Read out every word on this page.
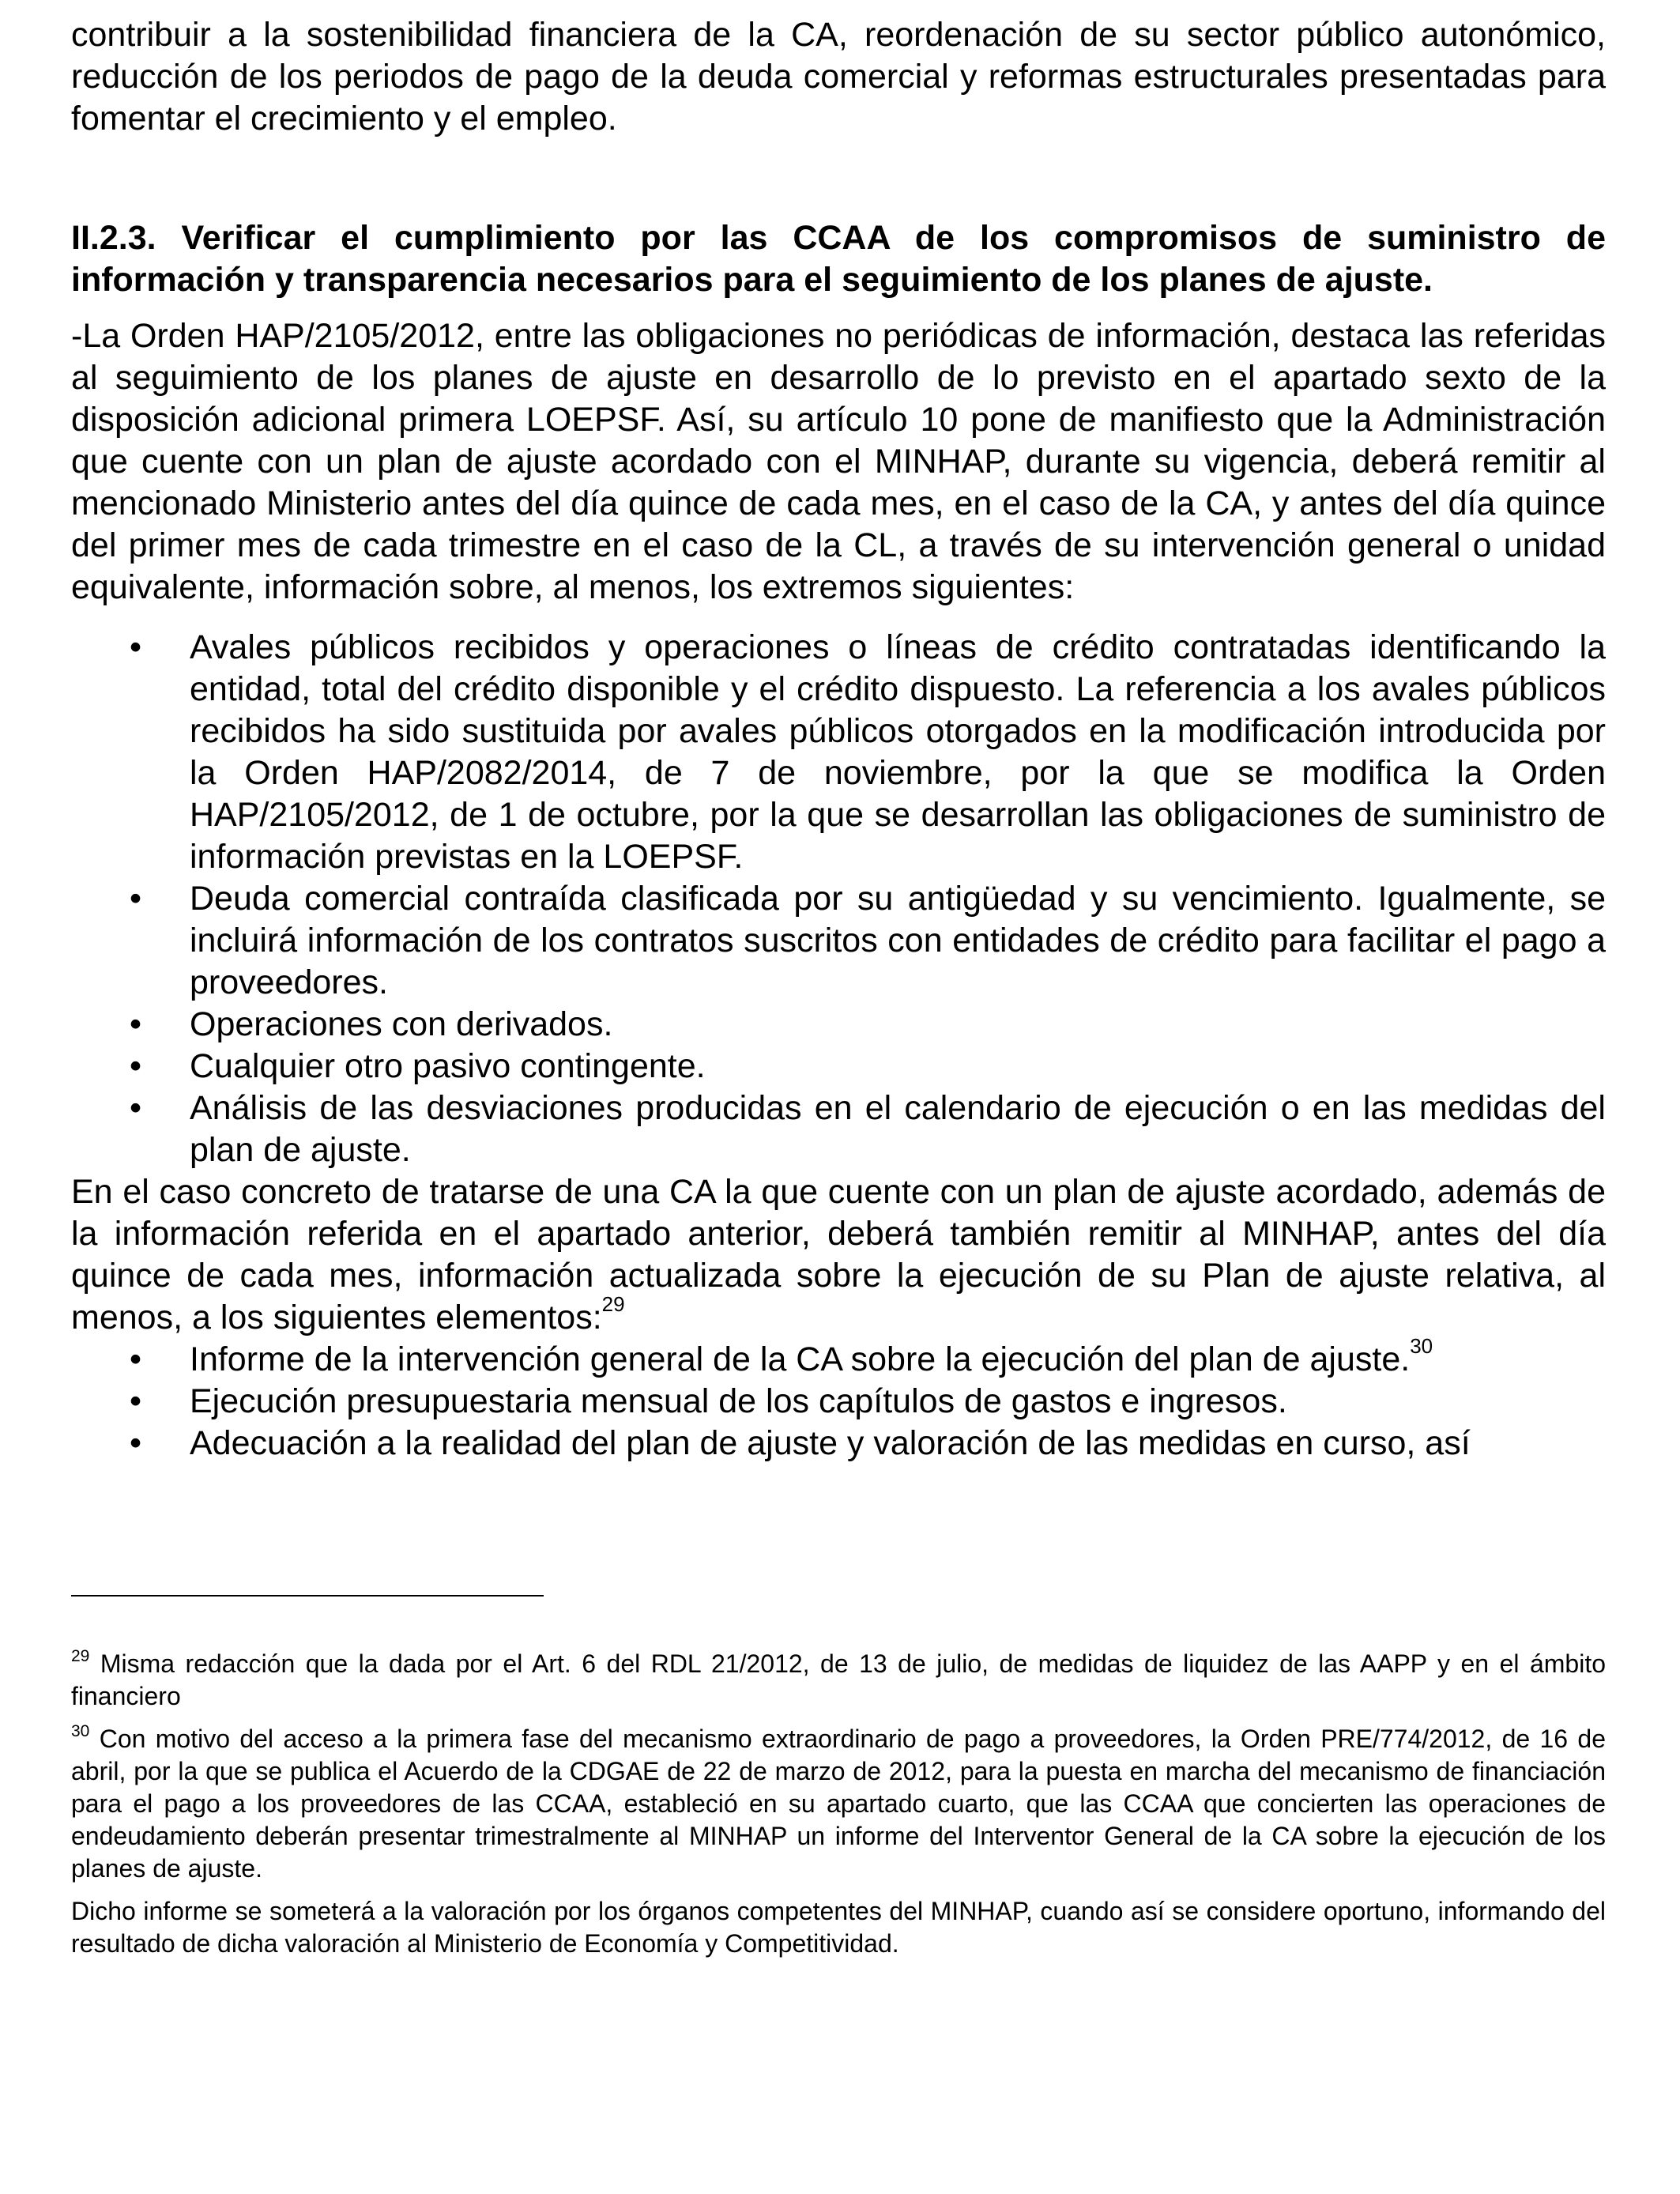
contribuir a la sostenibilidad financiera de la CA, reordenación de su sector público autonómico, reducción de los periodos de pago de la deuda comercial y reformas estructurales presentadas para fomentar el crecimiento y el empleo.

II.2.3. Verificar el cumplimiento por las CCAA de los compromisos de suministro de información y transparencia necesarios para el seguimiento de los planes de ajuste.

-La Orden HAP/2105/2012, entre las obligaciones no periódicas de información, destaca las referidas al seguimiento de los planes de ajuste en desarrollo de lo previsto en el apartado sexto de la disposición adicional primera LOEPSF. Así, su artículo 10 pone de manifiesto que la Administración que cuente con un plan de ajuste acordado con el MINHAP, durante su vigencia, deberá remitir al mencionado Ministerio antes del día quince de cada mes, en el caso de la CA, y antes del día quince del primer mes de cada trimestre en el caso de la CL, a través de su intervención general o unidad equivalente, información sobre, al menos, los extremos siguientes:

• Avales públicos recibidos y operaciones o líneas de crédito contratadas identificando la entidad, total del crédito disponible y el crédito dispuesto. La referencia a los avales públicos recibidos ha sido sustituida por avales públicos otorgados en la modificación introducida por la Orden HAP/2082/2014, de 7 de noviembre, por la que se modifica la Orden HAP/2105/2012, de 1 de octubre, por la que se desarrollan las obligaciones de suministro de información previstas en la LOEPSF.
• Deuda comercial contraída clasificada por su antigüedad y su vencimiento. Igualmente, se incluirá información de los contratos suscritos con entidades de crédito para facilitar el pago a proveedores.
• Operaciones con derivados.
• Cualquier otro pasivo contingente.
• Análisis de las desviaciones producidas en el calendario de ejecución o en las medidas del plan de ajuste.

En el caso concreto de tratarse de una CA la que cuente con un plan de ajuste acordado, además de la información referida en el apartado anterior, deberá también remitir al MINHAP, antes del día quince de cada mes, información actualizada sobre la ejecución de su Plan de ajuste relativa, al menos, a los siguientes elementos:$^{29}$

• Informe de la intervención general de la CA sobre la ejecución del plan de ajuste.$^{30}$
• Ejecución presupuestaria mensual de los capítulos de gastos e ingresos.
• Adecuación a la realidad del plan de ajuste y valoración de las medidas en curso, así

$^{29}$ Misma redacción que la dada por el Art. 6 del RDL 21/2012, de 13 de julio, de medidas de liquidez de las AAPP y en el ámbito financiero

$^{30}$ Con motivo del acceso a la primera fase del mecanismo extraordinario de pago a proveedores, la Orden PRE/774/2012, de 16 de abril, por la que se publica el Acuerdo de la CDGAE de 22 de marzo de 2012, para la puesta en marcha del mecanismo de financiación para el pago a los proveedores de las CCAA, estableció en su apartado cuarto, que las CCAA que concierten las operaciones de endeudamiento deberán presentar trimestralmente al MINHAP un informe del Interventor General de la CA sobre la ejecución de los planes de ajuste.

Dicho informe se someterá a la valoración por los órganos competentes del MINHAP, cuando así se considere oportuno, informando del resultado de dicha valoración al Ministerio de Economía y Competitividad.
